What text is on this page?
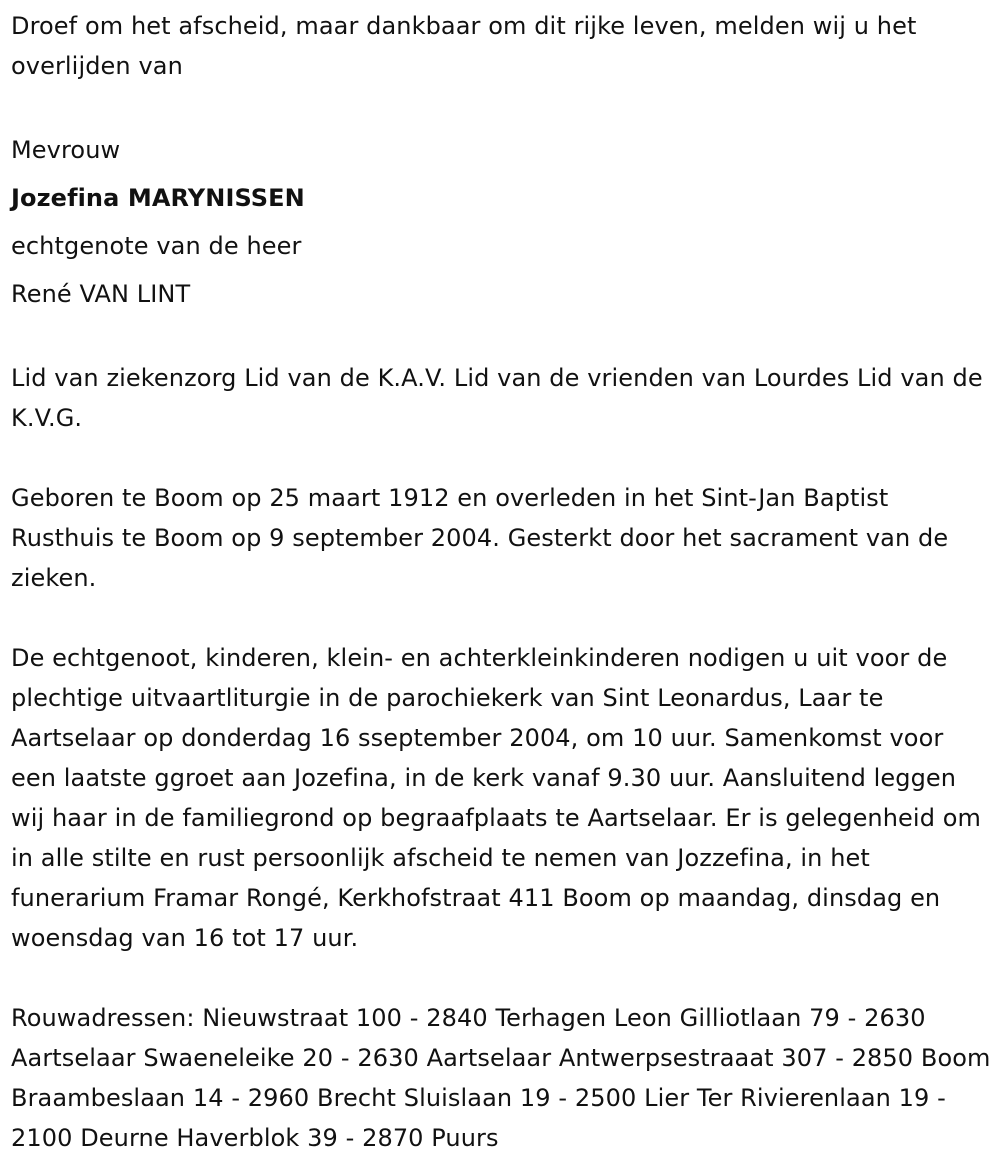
Droef om het afscheid, maar dankbaar om dit rijke leven, melden wij u het overlijden van

Mevrouw

Jozefina MARYNISSEN

echtgenote van de heer

René VAN LINT

Lid van ziekenzorg Lid van de K.A.V. Lid van de vrienden van Lourdes Lid van de K.V.G.

Geboren te Boom op 25 maart 1912 en overleden in het Sint-Jan Baptist Rusthuis te Boom op 9 september 2004. Gesterkt door het sacrament van de zieken.

De echtgenoot, kinderen, klein- en achterkleinkinderen nodigen u uit voor de plechtige uitvaartliturgie in de parochiekerk van Sint Leonardus, Laar te Aartselaar op donderdag 16 sseptember 2004, om 10 uur. Samenkomst voor een laatste ggroet aan Jozefina, in de kerk vanaf 9.30 uur. Aansluitend leggen wij haar in de familiegrond op begraafplaats te Aartselaar. Er is gelegenheid om in alle stilte en rust persoonlijk afscheid te nemen van Jozzefina, in het funerarium Framar Rongé, Kerkhofstraat 411 Boom op maandag, dinsdag en woensdag van 16 tot 17 uur.

Rouwadressen: Nieuwstraat 100 - 2840 Terhagen Leon Gilliotlaan 79 - 2630 Aartselaar Swaeneleike 20 - 2630 Aartselaar Antwerpsestraaat 307 - 2850 Boom Braambeslaan 14 - 2960 Brecht Sluislaan 19 - 2500 Lier Ter Rivierenlaan 19 - 2100 Deurne Haverblok 39 - 2870 Puurs
